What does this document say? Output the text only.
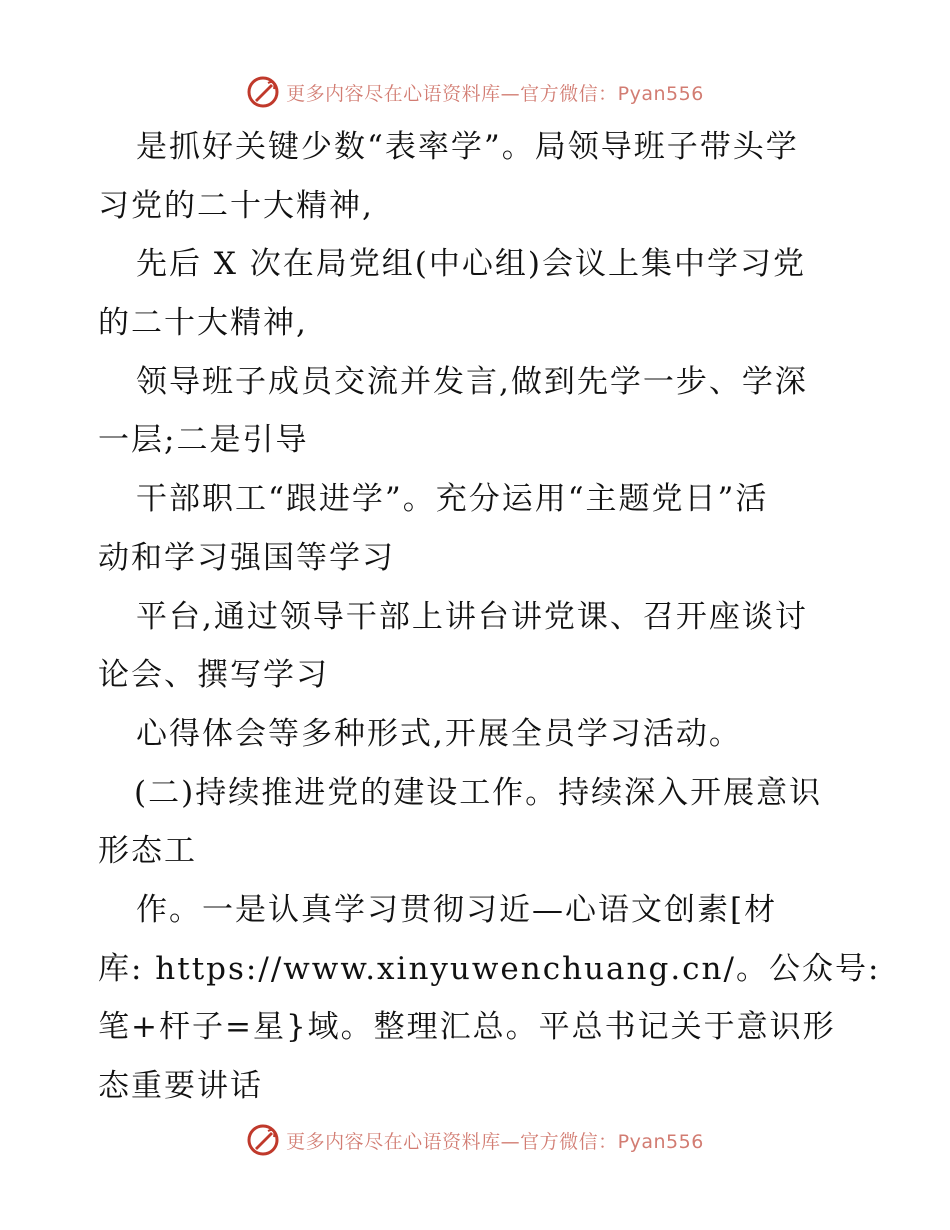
更多内容尽在心语资料库—官方微信：Pyan556
是抓好关键少数“表率学”。局领导班子带头学
习党的二十大精神,
先后 X 次在局党组(中心组)会议上集中学习党
的二十大精神,
领导班子成员交流并发言,做到先学一步、学深
一层;二是引导
干部职工“跟进学”。充分运用“主题党日”活
动和学习强国等学习
平台,通过领导干部上讲台讲党课、召开座谈讨
论会、撰写学习
心得体会等多种形式,开展全员学习活动。
(二)持续推进党的建设工作。持续深入开展意识
形态工
作。一是认真学习贯彻习近—心语文创素[材
库: https://www.xinyuwenchuang.cn/。公众号:
笔+杆子=星}域。整理汇总。平总书记关于意识形
态重要讲话
更多内容尽在心语资料库—官方微信：Pyan556
